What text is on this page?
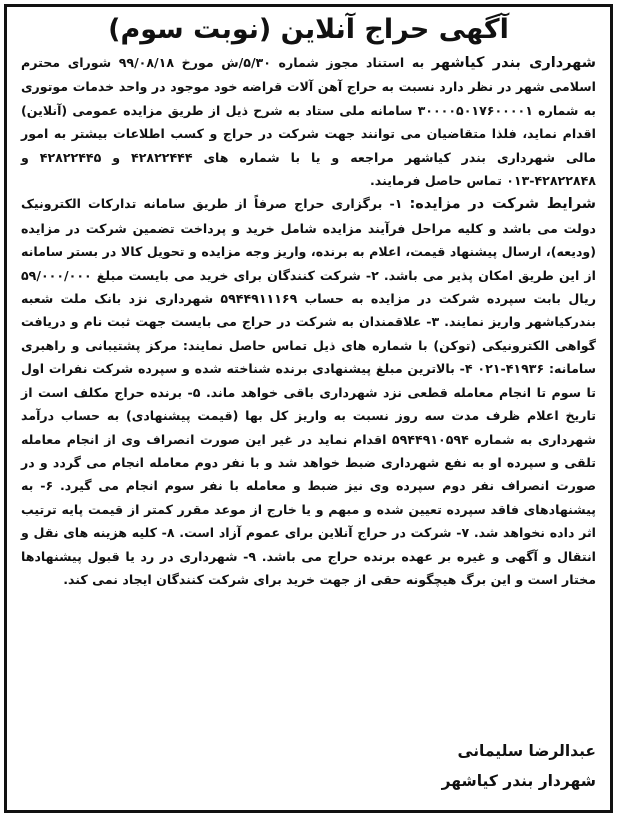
آگهی حراج آنلاین (نوبت سوم)

شهرداری بندر کیاشهر به استناد مجوز شماره ۵/۳۰/ش مورخ ۹۹/۰۸/۱۸ شورای محترم اسلامی شهر در نظر دارد نسبت به حراج آهن آلات قراضه خود موجود در واحد خدمات موتوری به شماره ۳۰۰۰۰۵۰۱۷۶۰۰۰۰۱ سامانه ملی ستاد به شرح ذیل از طریق مزایده عمومی (آنلاین) اقدام نماید، فلذا متقاضیان می توانند جهت شرکت در حراج و کسب اطلاعات بیشتر به امور مالی شهرداری بندر کیاشهر مراجعه و یا با شماره های ۴۲۸۲۲۴۴۴ و ۴۲۸۲۲۴۴۵ و ۴۲۸۲۲۸۴۸-۰۱۳ تماس حاصل فرمایند.

شرایط شرکت در مزایده: ۱- برگزاری حراج صرفاً از طریق سامانه تدارکات الکترونیک دولت می باشد و کلیه مراحل فرآیند مزایده شامل خرید و پرداخت تضمین شرکت در مزایده (ودیعه)، ارسال پیشنهاد قیمت، اعلام به برنده، واریز وجه مزایده و تحویل کالا در بستر سامانه از این طریق امکان پذیر می باشد. ۲- شرکت کنندگان برای خرید می بایست مبلغ ۵۹/۰۰۰/۰۰۰ ریال بابت سپرده شرکت در مزایده به حساب ۵۹۴۴۹۱۱۱۶۹ شهرداری نزد بانک ملت شعبه بندرکیاشهر واریز نمایند. ۳- علاقمندان به شرکت در حراج می بایست جهت ثبت نام و دریافت گواهی الکترونیکی (توکن) با شماره های ذیل تماس حاصل نمایند: مرکز پشتیبانی و راهبری سامانه: ۴۱۹۳۶-۰۲۱ ۴- بالاترین مبلغ پیشنهادی برنده شناخته شده و سپرده شرکت نفرات اول تا سوم تا انجام معامله قطعی نزد شهرداری باقی خواهد ماند. ۵- برنده حراج مکلف است از تاریخ اعلام ظرف مدت سه روز نسبت به واریز کل بها (قیمت پیشنهادی) به حساب درآمد شهرداری به شماره ۵۹۴۴۹۱۰۵۹۴ اقدام نماید در غیر این صورت انصراف وی از انجام معامله تلقی و سپرده او به نفع شهرداری ضبط خواهد شد و با نفر دوم معامله انجام می گردد و در صورت انصراف نفر دوم سپرده وی نیز ضبط و معامله با نفر سوم انجام می گیرد. ۶- به پیشنهادهای فاقد سپرده تعیین شده و مبهم و یا خارج از موعد مقرر کمتر از قیمت پایه ترتیب اثر داده نخواهد شد. ۷- شرکت در حراج آنلاین برای عموم آزاد است. ۸- کلیه هزینه های نقل و انتقال و آگهی و غیره بر عهده برنده حراج می باشد. ۹- شهرداری در رد یا قبول پیشنهادها مختار است و این برگ هیچگونه حقی از جهت خرید برای شرکت کنندگان ایجاد نمی کند.

عبدالرضا سلیمانی
شهردار بندر کیاشهر
